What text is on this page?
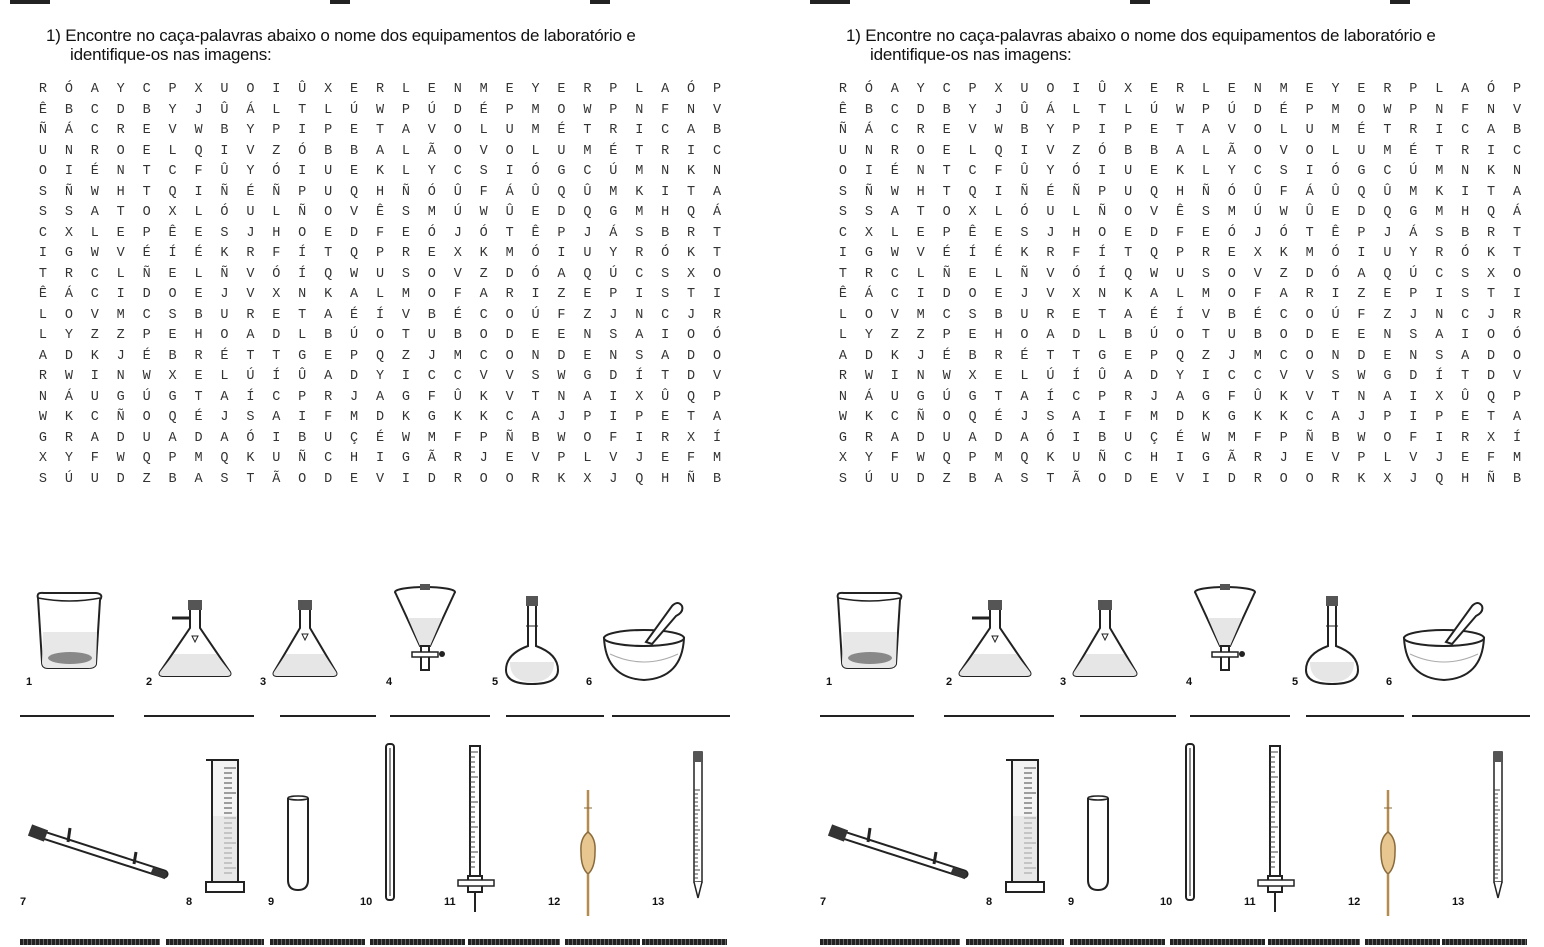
1) Encontre no caça-palavras abaixo o nome dos equipamentos de laboratório e
identifique-os nas imagens:
R	Ó	A	Y	C	P	X	U	O	I	Û	X	E	R	L	E	N	M	E	Y	E	R	P	L	A	Ó	P
Ê	B	C	D	B	Y	J	Û	Á	L	T	L	Ú	W	P	Ú	D	É	P	M	O	W	P	N	F	N	V
Ñ	Á	C	R	E	V	W	B	Y	P	I	P	E	T	A	V	O	L	U	M	É	T	R	I	C	A	B
U	N	R	O	E	L	Q	I	V	Z	Ó	B	B	A	L	Ã	O	V	O	L	U	M	É	T	R	I	C
O	I	É	N	T	C	F	Û	Y	Ó	I	U	E	K	L	Y	C	S	I	Ó	G	C	Ú	M	N	K	N
S	Ñ	W	H	T	Q	I	Ñ	É	Ñ	P	U	Q	H	Ñ	Ó	Û	F	Á	Û	Q	Û	M	K	I	T	A
S	S	A	T	O	X	L	Ó	U	L	Ñ	O	V	Ê	S	M	Ú	W	Û	E	D	Q	G	M	H	Q	Á
C	X	L	E	P	Ê	E	S	J	H	O	E	D	F	E	Ó	J	Ó	T	Ê	P	J	Á	S	B	R	T
I	G	W	V	É	Í	É	K	R	F	Í	T	Q	P	R	E	X	K	M	Ó	I	U	Y	R	Ó	K	T
T	R	C	L	Ñ	E	L	Ñ	V	Ó	Í	Q	W	U	S	O	V	Z	D	Ó	A	Q	Ú	C	S	X	O
Ê	Á	C	I	D	O	E	J	V	X	N	K	A	L	M	O	F	A	R	I	Z	E	P	I	S	T	I
L	O	V	M	C	S	B	U	R	E	T	A	É	Í	V	B	É	C	O	Ú	F	Z	J	N	C	J	R
L	Y	Z	Z	P	E	H	O	A	D	L	B	Ú	O	T	U	B	O	D	E	E	N	S	A	I	O	Ó
A	D	K	J	É	B	R	É	T	T	G	E	P	Q	Z	J	M	C	O	N	D	E	N	S	A	D	O
R	W	I	N	W	X	E	L	Ú	Í	Û	A	D	Y	I	C	C	V	V	S	W	G	D	Í	T	D	V
N	Á	U	G	Ú	G	T	A	Í	C	P	R	J	A	G	F	Û	K	V	T	N	A	I	X	Û	Q	P
W	K	C	Ñ	O	Q	É	J	S	A	I	F	M	D	K	G	K	K	C	A	J	P	I	P	E	T	A
G	R	A	D	U	A	D	A	Ó	I	B	U	Ç	É	W	M	F	P	Ñ	B	W	O	F	I	R	X	Í
X	Y	F	W	Q	P	M	Q	K	U	Ñ	C	H	I	G	Ã	R	J	E	V	P	L	V	J	E	F	M
S	Ú	U	D	Z	B	A	S	T	Ã	O	D	E	V	I	D	R	O	O	R	K	X	J	Q	H	Ñ	B
1	2	3	4	5	6
7	8	9	10	11	12	13
1) Encontre no caça-palavras abaixo o nome dos equipamentos de laboratório e
identifique-os nas imagens:
R	Ó	A	Y	C	P	X	U	O	I	Û	X	E	R	L	E	N	M	E	Y	E	R	P	L	A	Ó	P
Ê	B	C	D	B	Y	J	Û	Á	L	T	L	Ú	W	P	Ú	D	É	P	M	O	W	P	N	F	N	V
Ñ	Á	C	R	E	V	W	B	Y	P	I	P	E	T	A	V	O	L	U	M	É	T	R	I	C	A	B
U	N	R	O	E	L	Q	I	V	Z	Ó	B	B	A	L	Ã	O	V	O	L	U	M	É	T	R	I	C
O	I	É	N	T	C	F	Û	Y	Ó	I	U	E	K	L	Y	C	S	I	Ó	G	C	Ú	M	N	K	N
S	Ñ	W	H	T	Q	I	Ñ	É	Ñ	P	U	Q	H	Ñ	Ó	Û	F	Á	Û	Q	Û	M	K	I	T	A
S	S	A	T	O	X	L	Ó	U	L	Ñ	O	V	Ê	S	M	Ú	W	Û	E	D	Q	G	M	H	Q	Á
C	X	L	E	P	Ê	E	S	J	H	O	E	D	F	E	Ó	J	Ó	T	Ê	P	J	Á	S	B	R	T
I	G	W	V	É	Í	É	K	R	F	Í	T	Q	P	R	E	X	K	M	Ó	I	U	Y	R	Ó	K	T
T	R	C	L	Ñ	E	L	Ñ	V	Ó	Í	Q	W	U	S	O	V	Z	D	Ó	A	Q	Ú	C	S	X	O
Ê	Á	C	I	D	O	E	J	V	X	N	K	A	L	M	O	F	A	R	I	Z	E	P	I	S	T	I
L	O	V	M	C	S	B	U	R	E	T	A	É	Í	V	B	É	C	O	Ú	F	Z	J	N	C	J	R
L	Y	Z	Z	P	E	H	O	A	D	L	B	Ú	O	T	U	B	O	D	E	E	N	S	A	I	O	Ó
A	D	K	J	É	B	R	É	T	T	G	E	P	Q	Z	J	M	C	O	N	D	E	N	S	A	D	O
R	W	I	N	W	X	E	L	Ú	Í	Û	A	D	Y	I	C	C	V	V	S	W	G	D	Í	T	D	V
N	Á	U	G	Ú	G	T	A	Í	C	P	R	J	A	G	F	Û	K	V	T	N	A	I	X	Û	Q	P
W	K	C	Ñ	O	Q	É	J	S	A	I	F	M	D	K	G	K	K	C	A	J	P	I	P	E	T	A
G	R	A	D	U	A	D	A	Ó	I	B	U	Ç	É	W	M	F	P	Ñ	B	W	O	F	I	R	X	Í
X	Y	F	W	Q	P	M	Q	K	U	Ñ	C	H	I	G	Ã	R	J	E	V	P	L	V	J	E	F	M
S	Ú	U	D	Z	B	A	S	T	Ã	O	D	E	V	I	D	R	O	O	R	K	X	J	Q	H	Ñ	B
1	2	3	4	5	6
7	8	9	10	11	12	13
